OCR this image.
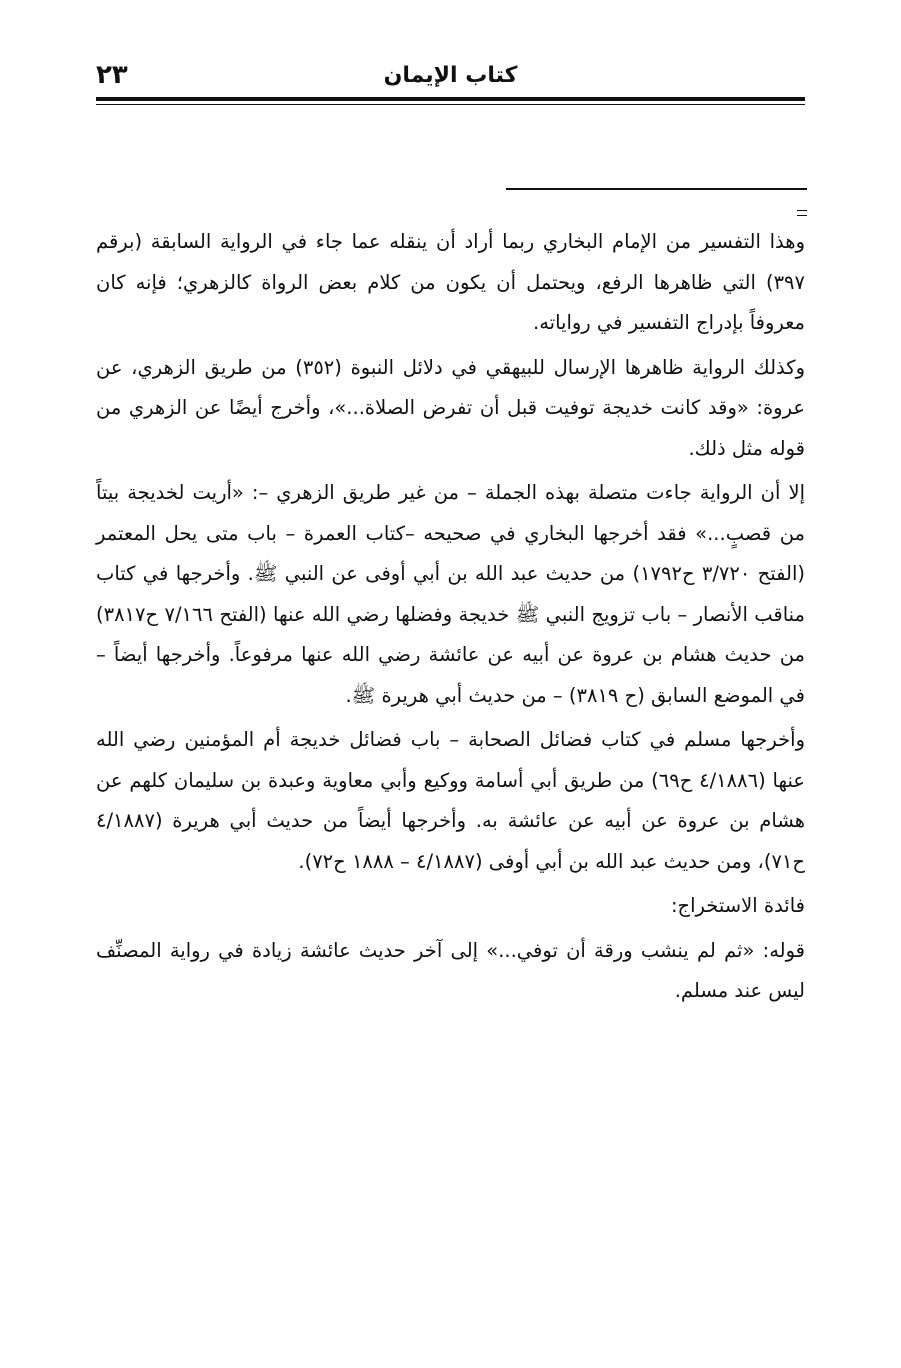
كتاب الإيمان
٢٣

وهذا التفسير من الإمام البخاري ربما أراد أن ينقله عما جاء في الرواية السابقة (برقم ٣٩٧) التي ظاهرها الرفع، ويحتمل أن يكون من كلام بعض الرواة كالزهري؛ فإنه كان معروفاً بإدراج التفسير في رواياته.

وكذلك الرواية ظاهرها الإرسال للبيهقي في دلائل النبوة (٣٥٢) من طريق الزهري، عن عروة: «وقد كانت خديجة توفيت قبل أن تفرض الصلاة...»، وأخرج أيضًا عن الزهري من قوله مثل ذلك.

إلا أن الرواية جاءت متصلة بهذه الجملة – من غير طريق الزهري –: «أريت لخديجة بيتاً من قصبٍ...» فقد أخرجها البخاري في صحيحه –كتاب العمرة – باب متى يحل المعتمر (الفتح ٣/٧٢٠ ح١٧٩٢) من حديث عبد الله بن أبي أوفى عن النبي ﷺ. وأخرجها في كتاب مناقب الأنصار – باب تزويج النبي ﷺ خديجة وفضلها رضي الله عنها (الفتح ٧/١٦٦ ح٣٨١٧) من حديث هشام بن عروة عن أبيه عن عائشة رضي الله عنها مرفوعاً. وأخرجها أيضاً – في الموضع السابق (ح ٣٨١٩) – من حديث أبي هريرة ﷺ.

وأخرجها مسلم في كتاب فضائل الصحابة – باب فضائل خديجة أم المؤمنين رضي الله عنها (٤/١٨٨٦ ح٦٩) من طريق أبي أسامة ووكيع وأبي معاوية وعبدة بن سليمان كلهم عن هشام بن عروة عن أبيه عن عائشة به. وأخرجها أيضاً من حديث أبي هريرة (٤/١٨٨٧ ح٧١)، ومن حديث عبد الله بن أبي أوفى (٤/١٨٨٧ – ١٨٨٨ ح٧٢).

فائدة الاستخراج:

قوله: «ثم لم ينشب ورقة أن توفي...» إلى آخر حديث عائشة زيادة في رواية المصنِّف ليس عند مسلم.
